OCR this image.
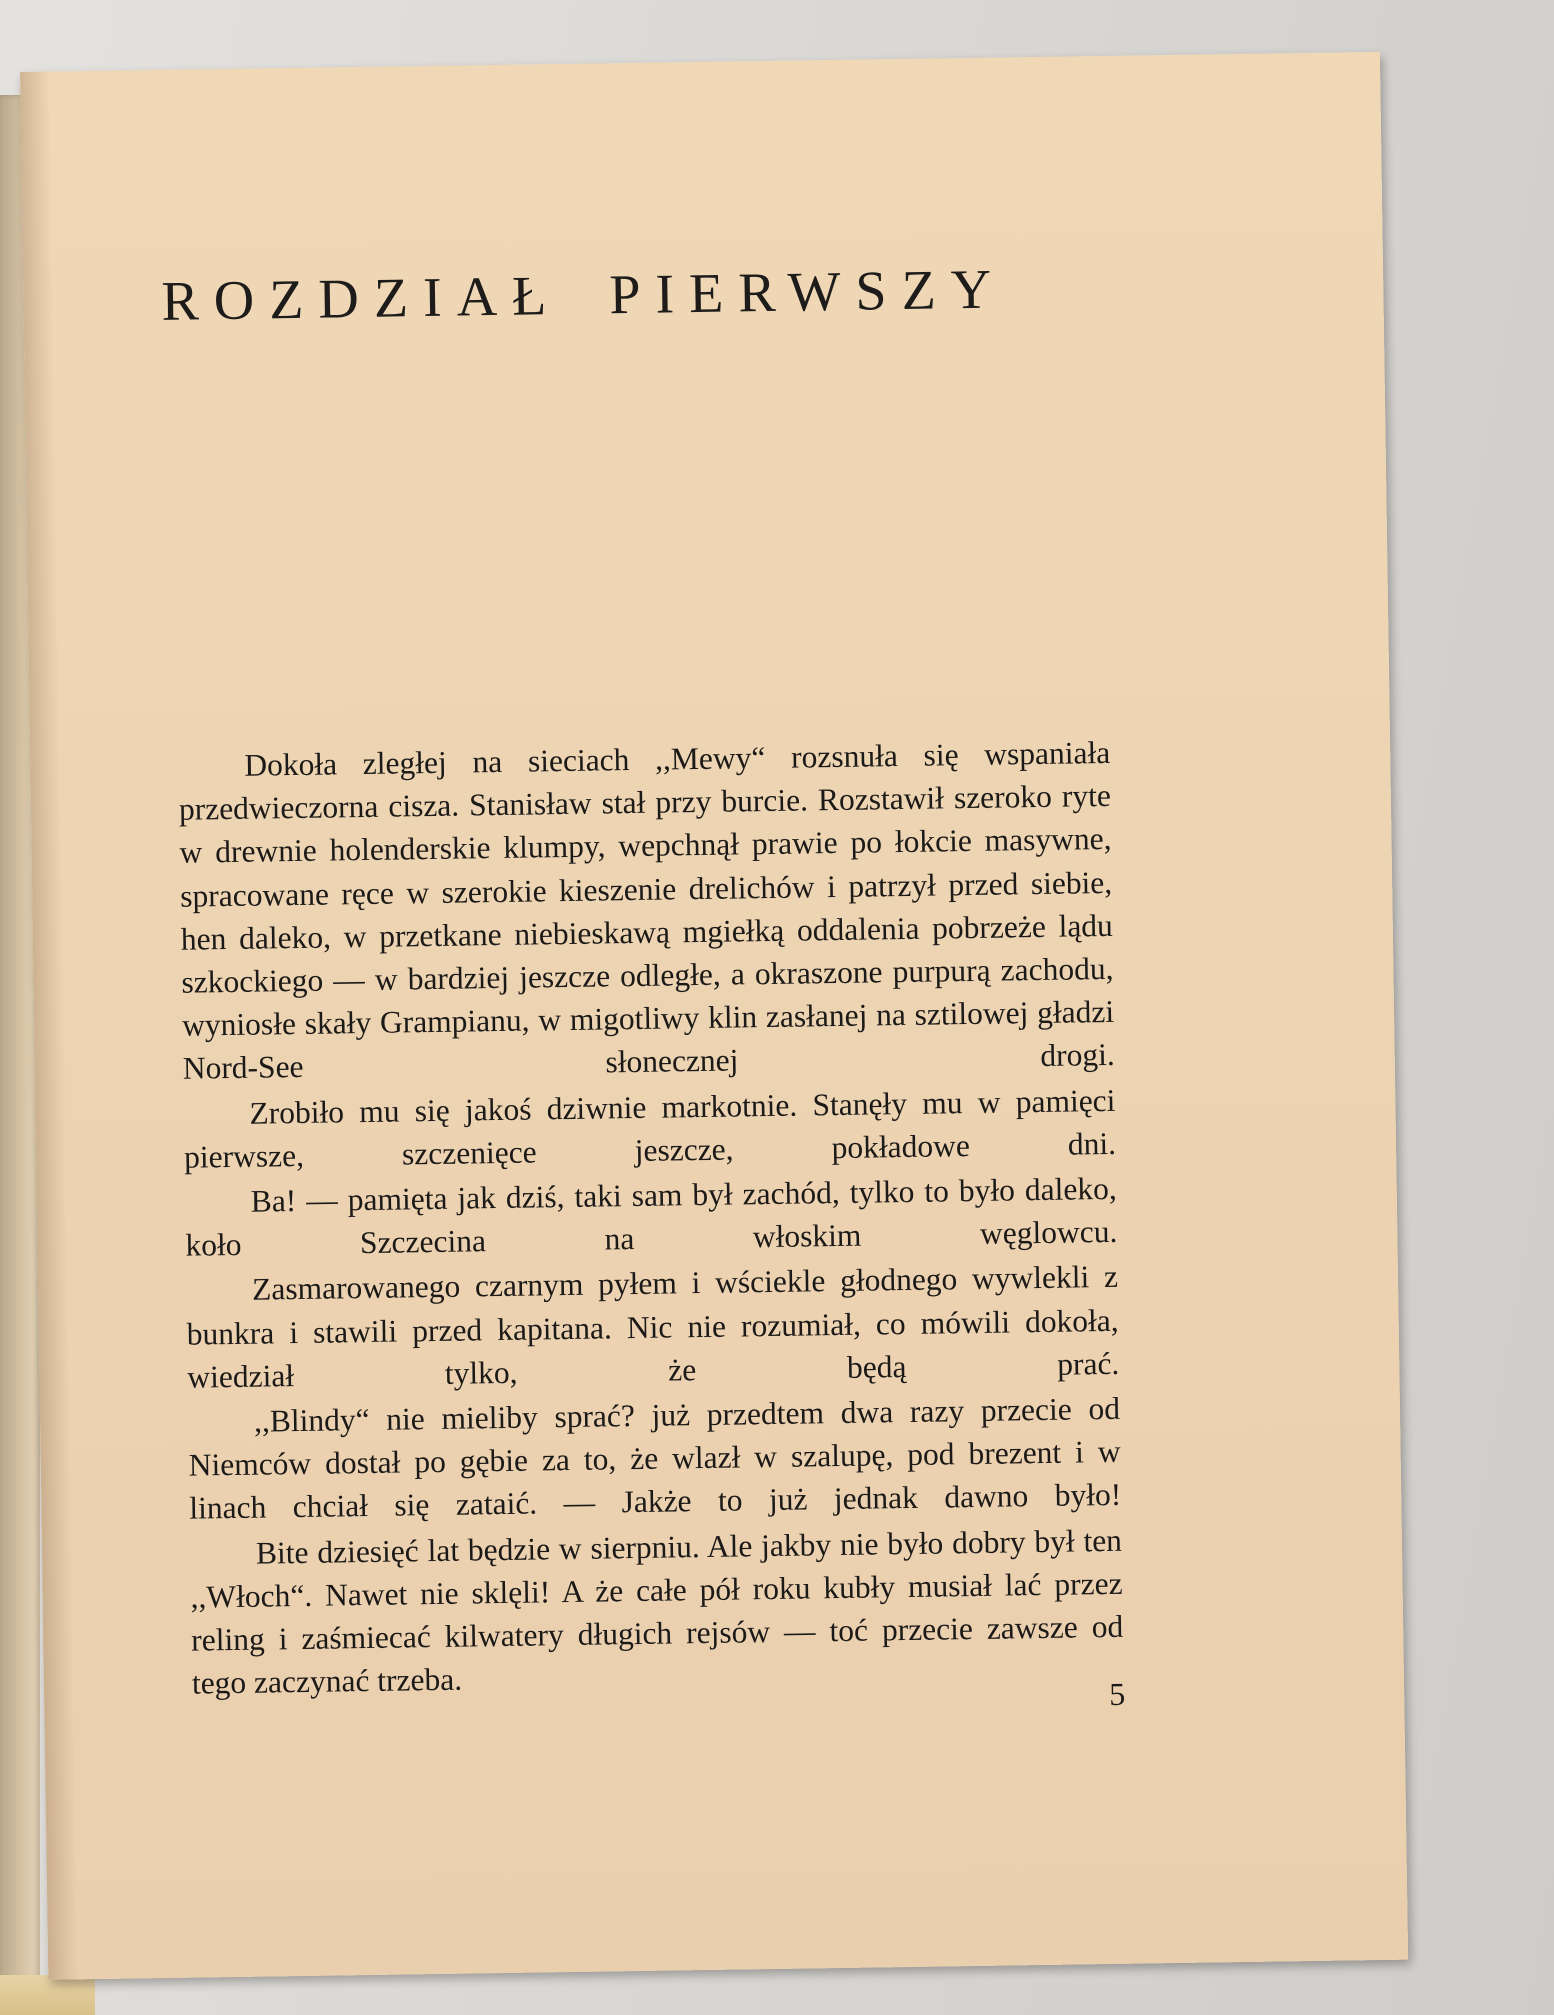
ROZDZIAŁ PIERWSZY

Dokoła zległej na sieciach ,,Mewy“ rozsnuła się wspaniała przedwieczorna cisza. Stanisław stał przy burcie. Rozstawił szeroko ryte w drewnie holenderskie klumpy, wepchnął prawie po łokcie masywne, spracowane ręce w szerokie kieszenie drelichów i patrzył przed siebie, hen daleko, w przetkane niebieskawą mgiełką oddalenia pobrzeże lądu szkockiego — w bardziej jeszcze odległe, a okraszone purpurą zachodu, wyniosłe skały Grampianu, w migotliwy klin zasłanej na sztilowej gładzi Nord-See słonecznej drogi.

Zrobiło mu się jakoś dziwnie markotnie. Stanęły mu w pamięci pierwsze, szczenięce jeszcze, pokładowe dni.

Ba! — pamięta jak dziś, taki sam był zachód, tylko to było daleko, koło Szczecina na włoskim węglowcu.

Zasmarowanego czarnym pyłem i wściekle głodnego wywlekli z bunkra i stawili przed kapitana. Nic nie rozumiał, co mówili dokoła, wiedział tylko, że będą prać.

,,Blindy“ nie mieliby sprać? już przedtem dwa razy przecie od Niemców dostał po gębie za to, że wlazł w szalupę, pod brezent i w linach chciał się zataić. — Jakże to już jednak dawno było!

Bite dziesięć lat będzie w sierpniu. Ale jakby nie było dobry był ten ,,Włoch“. Nawet nie sklęli! A że całe pół roku kubły musiał lać przez reling i zaśmiecać kilwatery długich rejsów — toć przecie zawsze od tego zaczynać trzeba.	5
